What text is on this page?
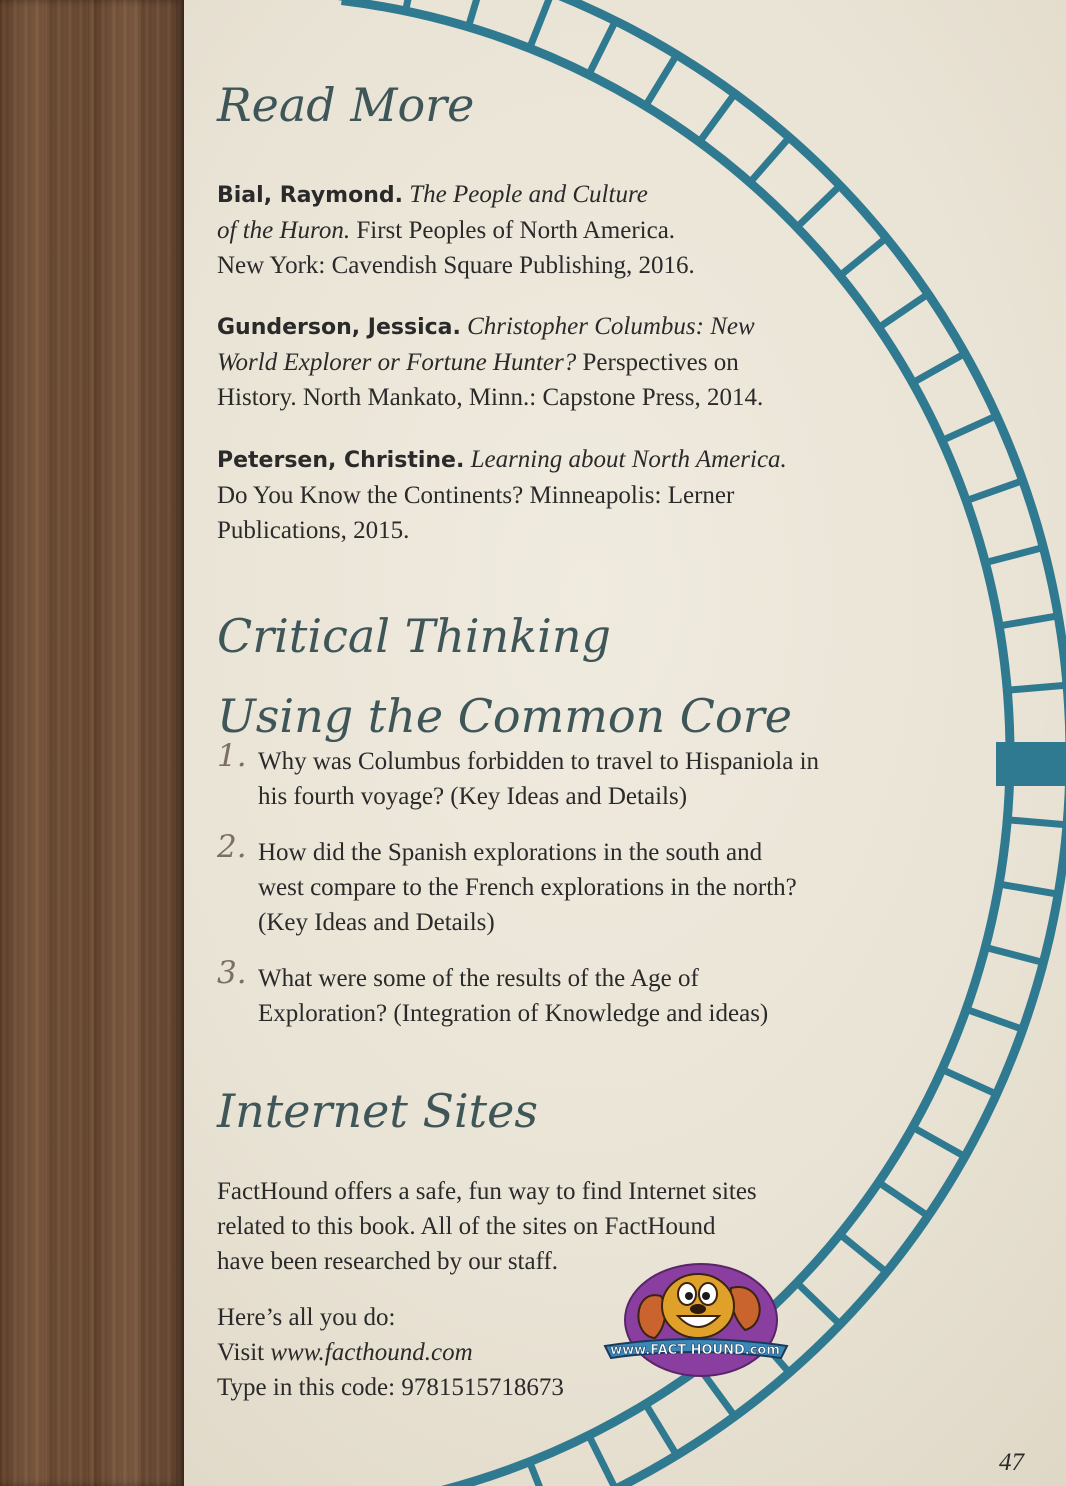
Read More

Bial, Raymond. The People and Culture
of the Huron. First Peoples of North America.
New York: Cavendish Square Publishing, 2016.

Gunderson, Jessica. Christopher Columbus: New
World Explorer or Fortune Hunter? Perspectives on
History. North Mankato, Minn.: Capstone Press, 2014.

Petersen, Christine. Learning about North America.
Do You Know the Continents? Minneapolis: Lerner
Publications, 2015.

Critical Thinking
Using the Common Core
1. Why was Columbus forbidden to travel to Hispaniola in
his fourth voyage? (Key Ideas and Details)

2. How did the Spanish explorations in the south and
west compare to the French explorations in the north?
(Key Ideas and Details)

3. What were some of the results of the Age of
Exploration? (Integration of Knowledge and ideas)

Internet Sites

FactHound offers a safe, fun way to find Internet sites
related to this book. All of the sites on FactHound
have been researched by our staff.

Here’s all you do:
Visit www.facthound.com
Type in this code: 9781515718673

www.FACT HOUND.com
47
